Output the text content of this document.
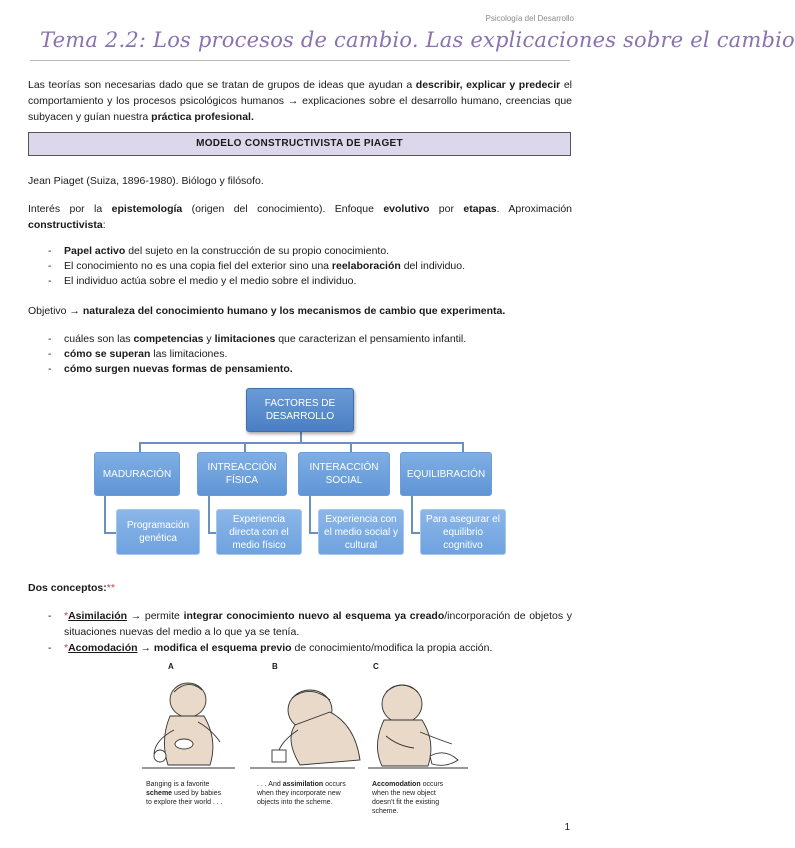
Psicología del Desarrollo
Tema 2.2: Los procesos de cambio. Las explicaciones sobre el cambio
Las teorías son necesarias dado que se tratan de grupos de ideas que ayudan a describir, explicar y predecir el comportamiento y los procesos psicológicos humanos → explicaciones sobre el desarrollo humano, creencias que subyacen y guían nuestra práctica profesional.
MODELO CONSTRUCTIVISTA DE PIAGET
Jean Piaget (Suiza, 1896-1980). Biólogo y filósofo.
Interés por la epistemología (origen del conocimiento). Enfoque evolutivo por etapas. Aproximación constructivista:
- Papel activo del sujeto en la construcción de su propio conocimiento.
- El conocimiento no es una copia fiel del exterior sino una reelaboración del individuo.
- El individuo actúa sobre el medio y el medio sobre el individuo.
Objetivo → naturaleza del conocimiento humano y los mecanismos de cambio que experimenta.
- cuáles son las competencias y limitaciones que caracterizan el pensamiento infantil.
- cómo se superan las limitaciones.
- cómo surgen nuevas formas de pensamiento.
FACTORES DE DESARROLLO
MADURACIÓN
INTREACCIÓN FÍSICA
INTERACCIÓN SOCIAL
EQUILIBRACIÓN
Programación genética
Experiencia directa con el medio físico
Experiencia con el medio social y cultural
Para asegurar el equilibrio cognitivo
Dos conceptos:**
- *Asimilación → permite integrar conocimiento nuevo al esquema ya creado/incorporación de objetos y situaciones nuevas del medio a lo que ya se tenía.
- *Acomodación → modifica el esquema previo de conocimiento/modifica la propia acción.
A	B	C
Banging is a favorite
scheme used by babies
to explore their world . . .
. . . And assimilation occurs
when they incorporate new
objects into the scheme.
Accomodation occurs
when the new object
doesn't fit the existing
scheme.
1
